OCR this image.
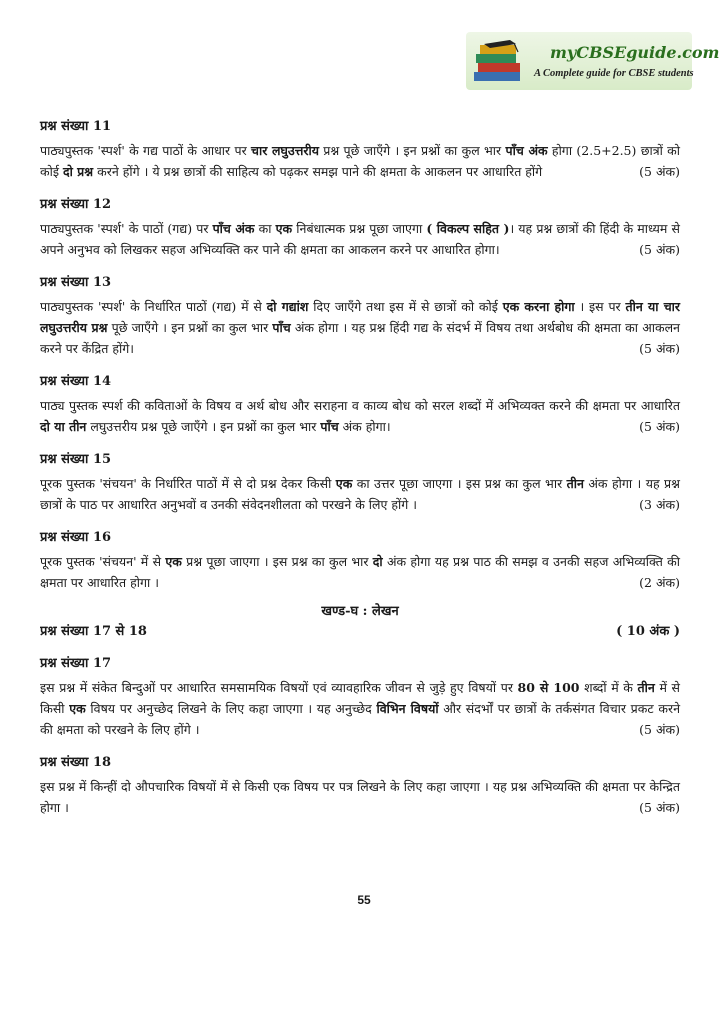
myCBSEguide.com
A Complete guide for CBSE students
प्रश्न संख्या 11

पाठ्यपुस्तक 'स्पर्श' के गद्य पाठों के आधार पर चार लघुउत्तरीय प्रश्न पूछे जाएँगे । इन प्रश्नों का कुल भार पाँच अंक होगा (2.5+2.5) छात्रों को कोई दो प्रश्न करने होंगे । ये प्रश्न छात्रों की साहित्य को पढ़कर समझ पाने की क्षमता के आकलन पर आधारित होंगे	(5 अंक)

प्रश्न संख्या 12

पाठ्यपुस्तक 'स्पर्श' के पाठों (गद्य) पर पाँच अंक का एक निबंधात्मक प्रश्न पूछा जाएगा ( विकल्प सहित )। यह प्रश्न छात्रों की हिंदी के माध्यम से अपने अनुभव को लिखकर सहज अभिव्यक्ति कर पाने की क्षमता का आकलन करने पर आधारित होगा।	(5 अंक)

प्रश्न संख्या 13

पाठ्यपुस्तक 'स्पर्श' के निर्धारित पाठों (गद्य) में से दो गद्यांश दिए जाएँगे तथा इस में से छात्रों को कोई एक करना होगा । इस पर तीन या चार लघुउत्तरीय प्रश्न पूछे जाएँगे । इन प्रश्नों का कुल भार पाँच अंक होगा । यह प्रश्न हिंदी गद्य के संदर्भ में विषय तथा अर्थबोध की क्षमता का आकलन करने पर केंद्रित होंगे।	(5 अंक)

प्रश्न संख्या 14

पाठ्य पुस्तक स्पर्श की कविताओं के विषय व अर्थ बोध और सराहना व काव्य बोध को सरल शब्दों में अभिव्यक्त करने की क्षमता पर आधारित दो या तीन लघुउत्तरीय प्रश्न पूछे जाएँगे । इन प्रश्नों का कुल भार पाँच अंक होगा।	(5 अंक)

प्रश्न संख्या 15

पूरक पुस्तक 'संचयन' के निर्धारित पाठों में से दो प्रश्न देकर किसी एक का उत्तर पूछा जाएगा । इस प्रश्न का कुल भार तीन अंक होगा । यह प्रश्न छात्रों के पाठ पर आधारित अनुभवों व उनकी संवेदनशीलता को परखने के लिए होंगे ।	(3 अंक)

प्रश्न संख्या 16

पूरक पुस्तक 'संचयन' में से एक प्रश्न पूछा जाएगा । इस प्रश्न का कुल भार दो अंक होगा यह प्रश्न पाठ की समझ व उनकी सहज अभिव्यक्ति की क्षमता पर आधारित होगा ।	(2 अंक)

खण्ड-घ : लेखन
प्रश्न संख्या 17 से 18	( 10 अंक )
प्रश्न संख्या 17

इस प्रश्न में संकेत बिन्दुओं पर आधारित समसामयिक विषयों एवं व्यावहारिक जीवन से जुड़े हुए विषयों पर 80 से 100 शब्दों में के तीन में से किसी एक विषय पर अनुच्छेद लिखने के लिए कहा जाएगा । यह अनुच्छेद विभिन विषयों और संदर्भों पर छात्रों के तर्कसंगत विचार प्रकट करने की क्षमता को परखने के लिए होंगे ।	(5 अंक)

प्रश्न संख्या 18

इस प्रश्न में किन्हीं दो औपचारिक विषयों में से किसी एक विषय पर पत्र लिखने के लिए कहा जाएगा । यह प्रश्न अभिव्यक्ति की क्षमता पर केन्द्रित होगा ।	(5 अंक)

55
